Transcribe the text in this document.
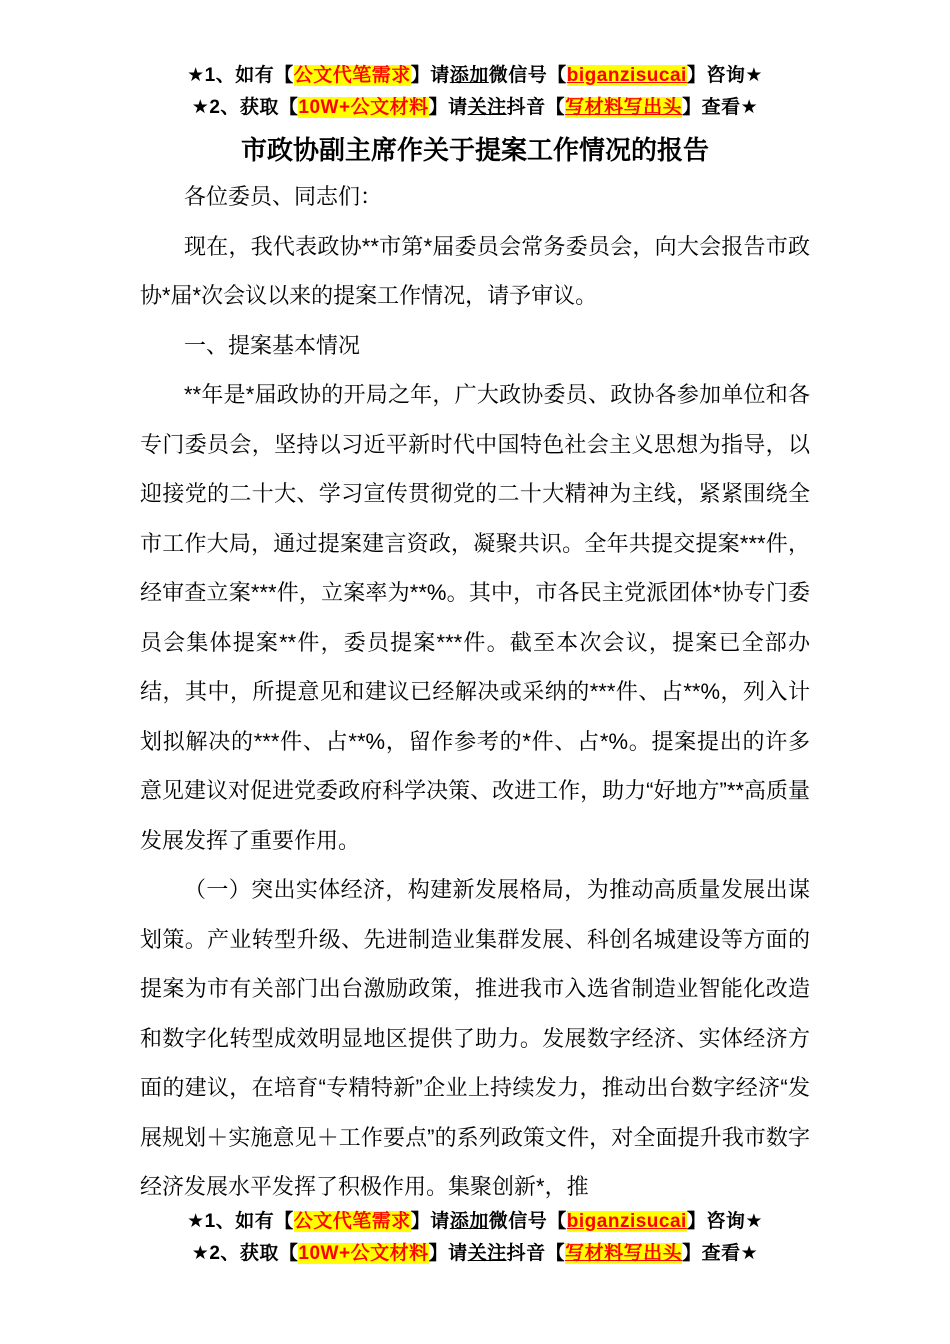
★1、如有【公文代笔需求】请添加微信号【biganzisucai】咨询★
★2、获取【10W+公文材料】请关注抖音【写材料写出头】查看★
市政协副主席作关于提案工作情况的报告

各位委员、同志们：

现在，我代表政协**市第*届委员会常务委员会，向大会报告市政协*届*次会议以来的提案工作情况，请予审议。

一、提案基本情况

**年是*届政协的开局之年，广大政协委员、政协各参加单位和各专门委员会，坚持以习近平新时代中国特色社会主义思想为指导，以迎接党的二十大、学习宣传贯彻党的二十大精神为主线，紧紧围绕全市工作大局，通过提案建言资政，凝聚共识。全年共提交提案***件，经审查立案***件，立案率为**%。其中，市各民主党派团体*协专门委员会集体提案**件，委员提案***件。截至本次会议，提案已全部办结，其中，所提意见和建议已经解决或采纳的***件、占**%，列入计划拟解决的***件、占**%，留作参考的*件、占*%。提案提出的许多意见建议对促进党委政府科学决策、改进工作，助力“好地方”**高质量发展发挥了重要作用。

（一）突出实体经济，构建新发展格局，为推动高质量发展出谋划策。产业转型升级、先进制造业集群发展、科创名城建设等方面的提案为市有关部门出台激励政策，推进我市入选省制造业智能化改造和数字化转型成效明显地区提供了助力。发展数字经济、实体经济方面的建议，在培育“专精特新”企业上持续发力，推动出台数字经济“发展规划＋实施意见＋工作要点”的系列政策文件，对全面提升我市数字经济发展水平发挥了积极作用。集聚创新*，推

★1、如有【公文代笔需求】请添加微信号【biganzisucai】咨询★
★2、获取【10W+公文材料】请关注抖音【写材料写出头】查看★
